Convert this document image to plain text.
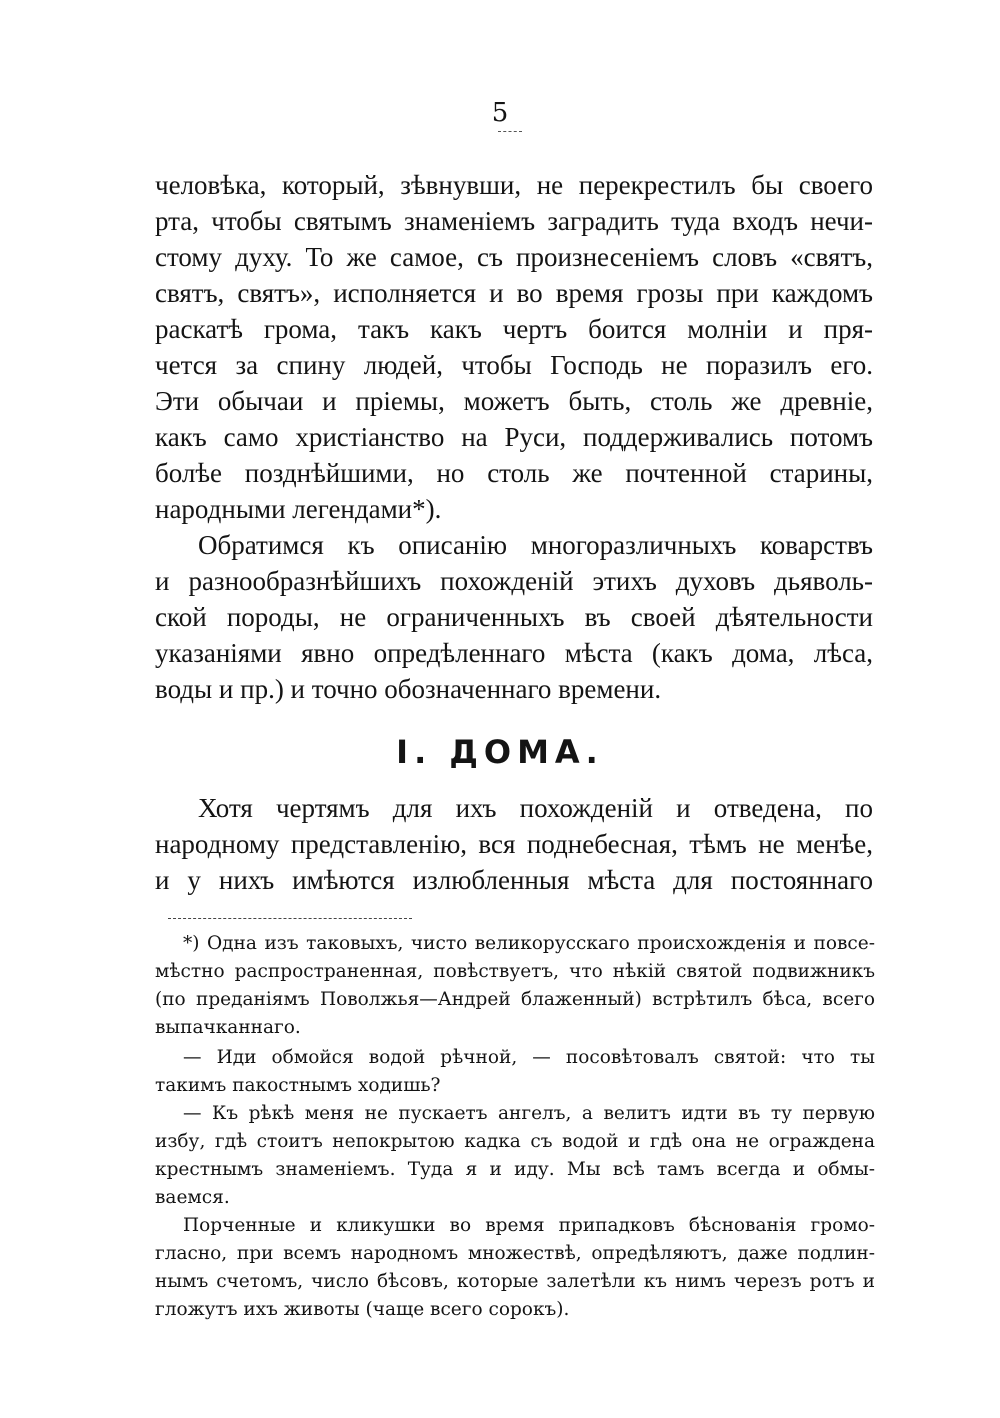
5
человѣка, который, зѣвнувши, не перекрестилъ бы своего
рта, чтобы святымъ знаменіемъ заградить туда входъ нечи-
стому духу. То же самое, съ произнесеніемъ словъ «святъ,
святъ, святъ», исполняется и во время грозы при каждомъ
раскатѣ грома, такъ какъ чертъ боится молніи и пря-
чется за спину людей, чтобы Господь не поразилъ его.
Эти обычаи и пріемы, можетъ быть, столь же древніе,
какъ само христіанство на Руси, поддерживались потомъ
болѣе позднѣйшими, но столь же почтенной старины,
народными легендами*).
Обратимся къ описанію многоразличныхъ коварствъ
и разнообразнѣйшихъ похожденій этихъ духовъ дьяволь-
ской породы, не ограниченныхъ въ своей дѣятельности
указаніями явно опредѣленнаго мѣста (какъ дома, лѣса,
воды и пр.) и точно обозначеннаго времени.
I. ДОМА.
Хотя чертямъ для ихъ похожденій и отведена, по
народному представленію, вся поднебесная, тѣмъ не менѣе,
и у нихъ имѣются излюбленныя мѣста для постояннаго
*) Одна изъ таковыхъ, чисто великорусскаго происхожденія и повсе-
мѣстно распространенная, повѣствуетъ, что нѣкій святой подвижникъ
(по преданіямъ Поволжья—Андрей блаженный) встрѣтилъ бѣса, всего
выпачканнаго.
— Иди обмойся водой рѣчной, — посовѣтовалъ святой: что ты
такимъ пакостнымъ ходишь?
— Къ рѣкѣ меня не пускаетъ ангелъ, а велитъ идти въ ту первую
избу, гдѣ стоитъ непокрытою кадка съ водой и гдѣ она не ограждена
крестнымъ знаменіемъ. Туда я и иду. Мы всѣ тамъ всегда и обмы-
ваемся.
Порченные и кликушки во время припадковъ бѣснованія громо-
гласно, при всемъ народномъ множествѣ, опредѣляютъ, даже подлин-
нымъ счетомъ, число бѣсовъ, которые залетѣли къ нимъ черезъ ротъ и
гложутъ ихъ животы (чаще всего сорокъ).
